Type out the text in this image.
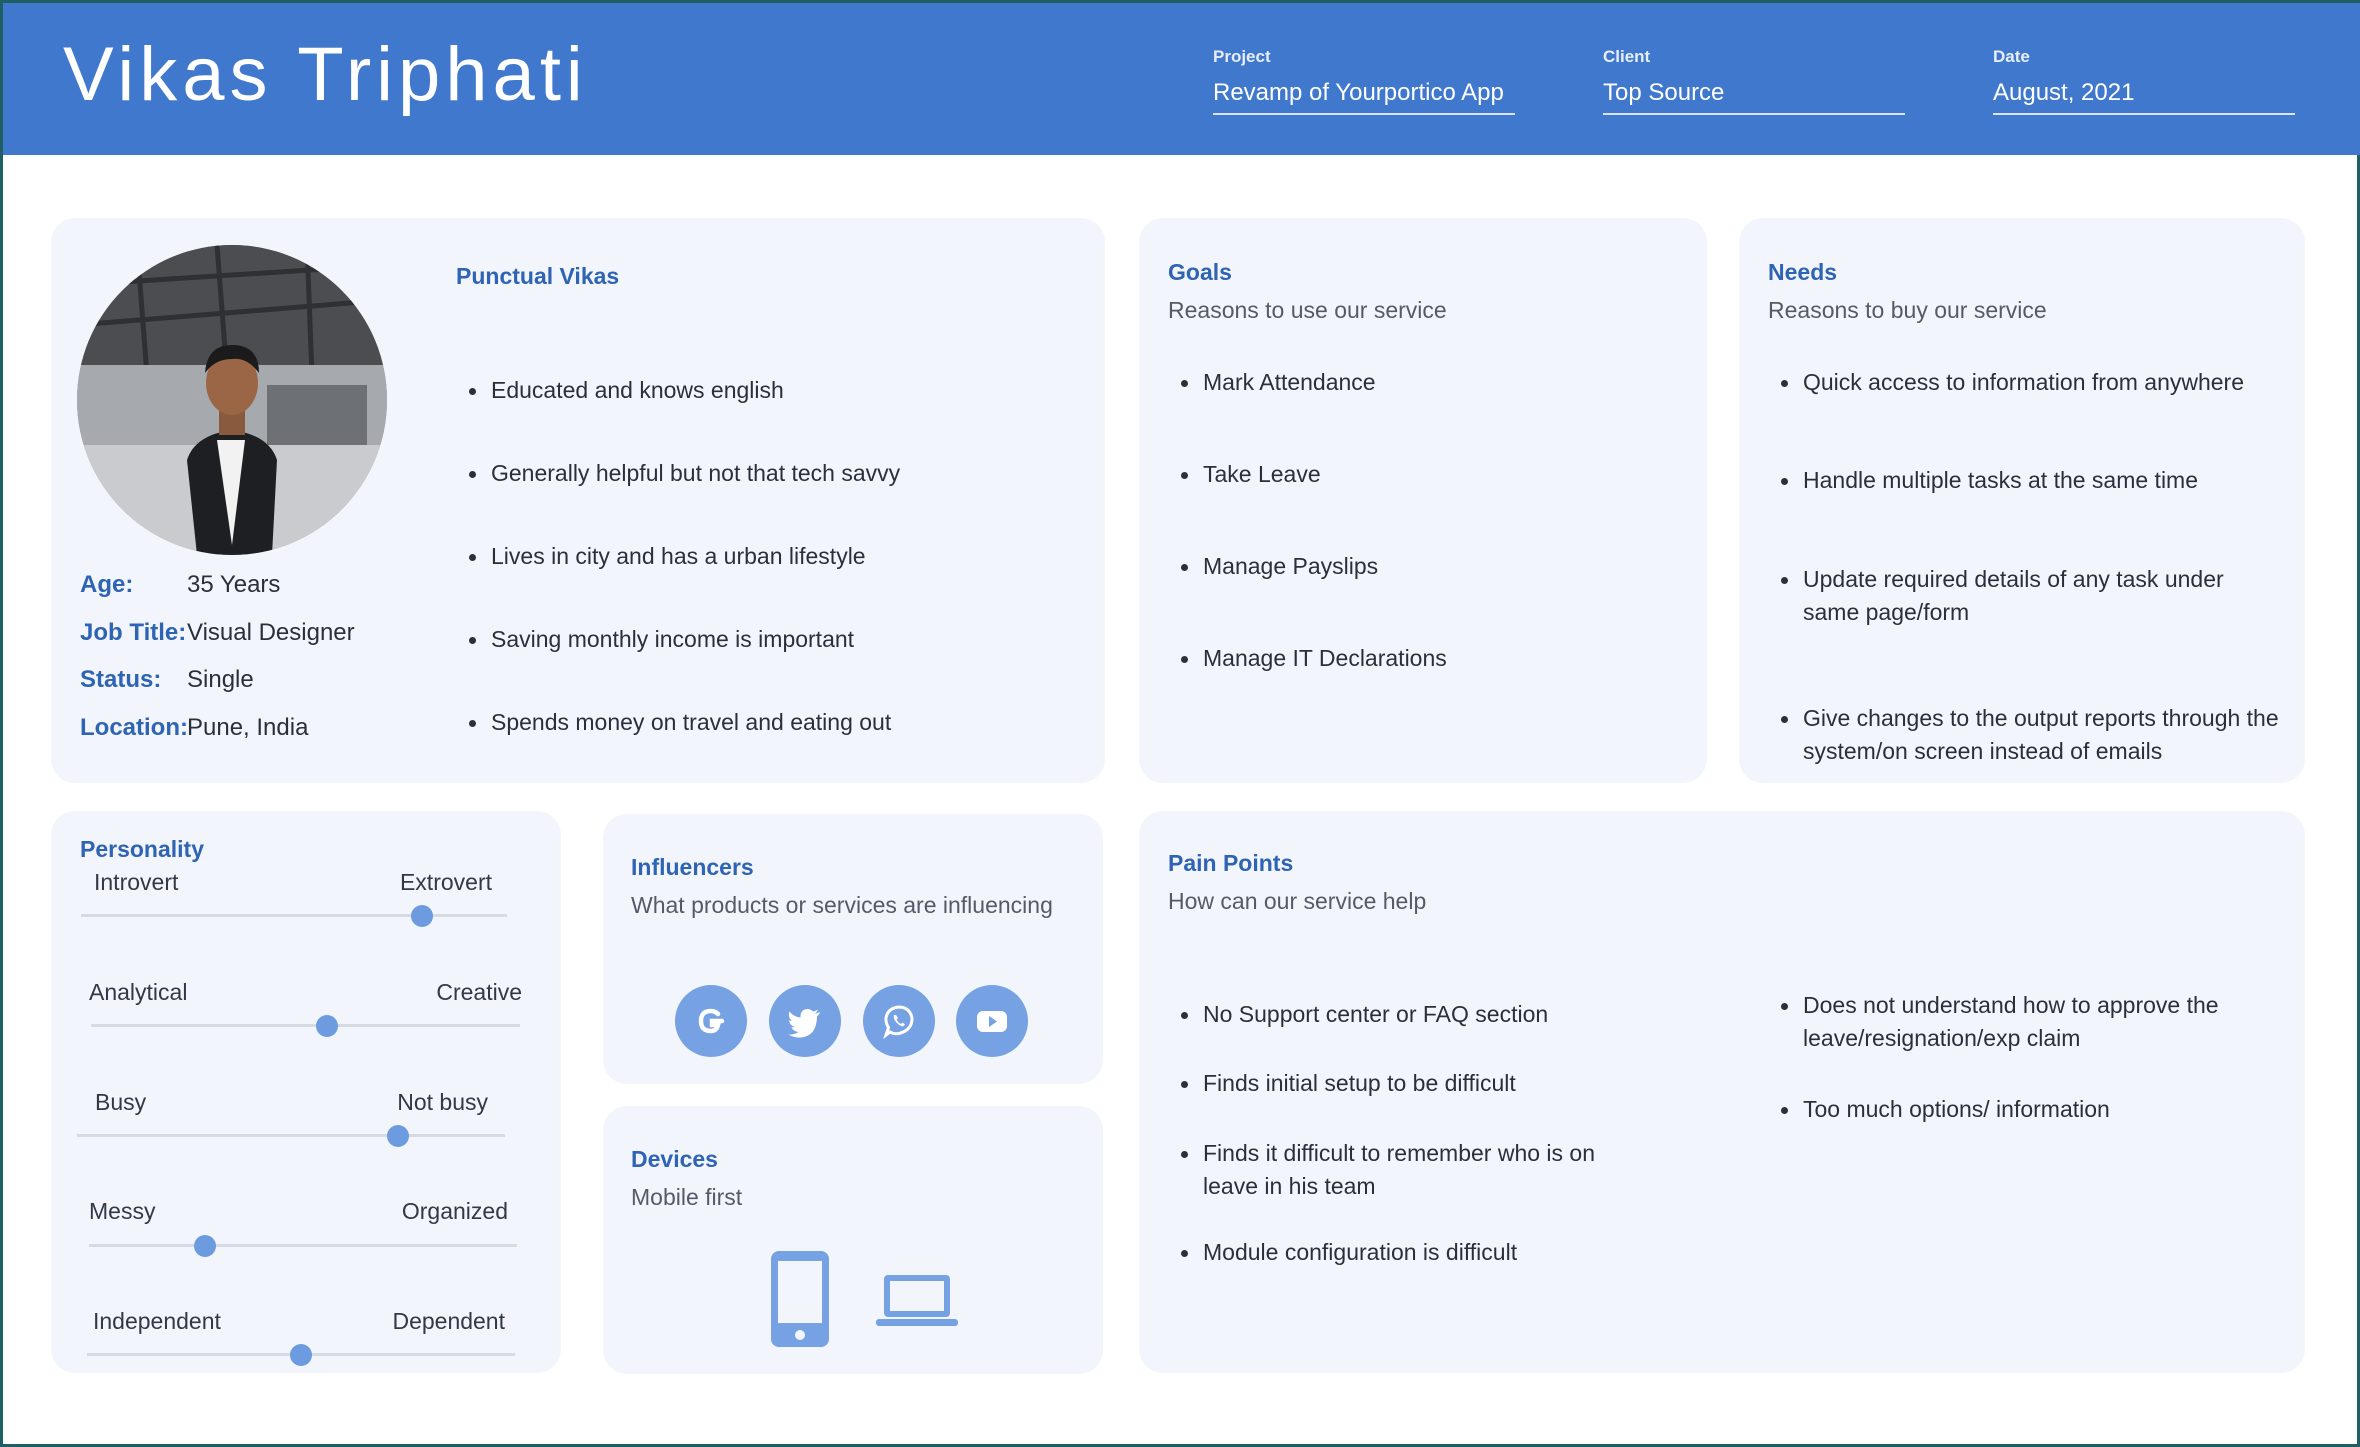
Vikas Triphati	Project
Revamp of Yourportico App
Client
Top Source
Date
August, 2021
Punctual Vikas
Age: 35 Years
Job Title: Visual Designer
Status: Single
Location: Pune, India
Educated and knows english
Generally helpful but not that tech savvy
Lives in city and has a urban lifestyle
Saving monthly income is important
Spends money on travel and eating out
Goals
Reasons to use our service
Mark Attendance
Take Leave
Manage Payslips
Manage IT Declarations
Needs
Reasons to buy our service
Quick access to information from anywhere
Handle multiple tasks at the same time
Update required details of any task under same page/form
Give changes to the output reports through the system/on screen instead of emails
Personality
Introvert	Extrovert
Analytical	Creative
Busy	Not busy
Messy	Organized
Independent	Dependent
Influencers
What products or services are influencing
Devices
Mobile first
Pain Points
How can our service help
No Support center or FAQ section
Finds initial setup to be difficult
Finds it difficult to remember who is on leave in his team
Module configuration is difficult
Does not understand how to approve the leave/resignation/exp claim
Too much options/ information
